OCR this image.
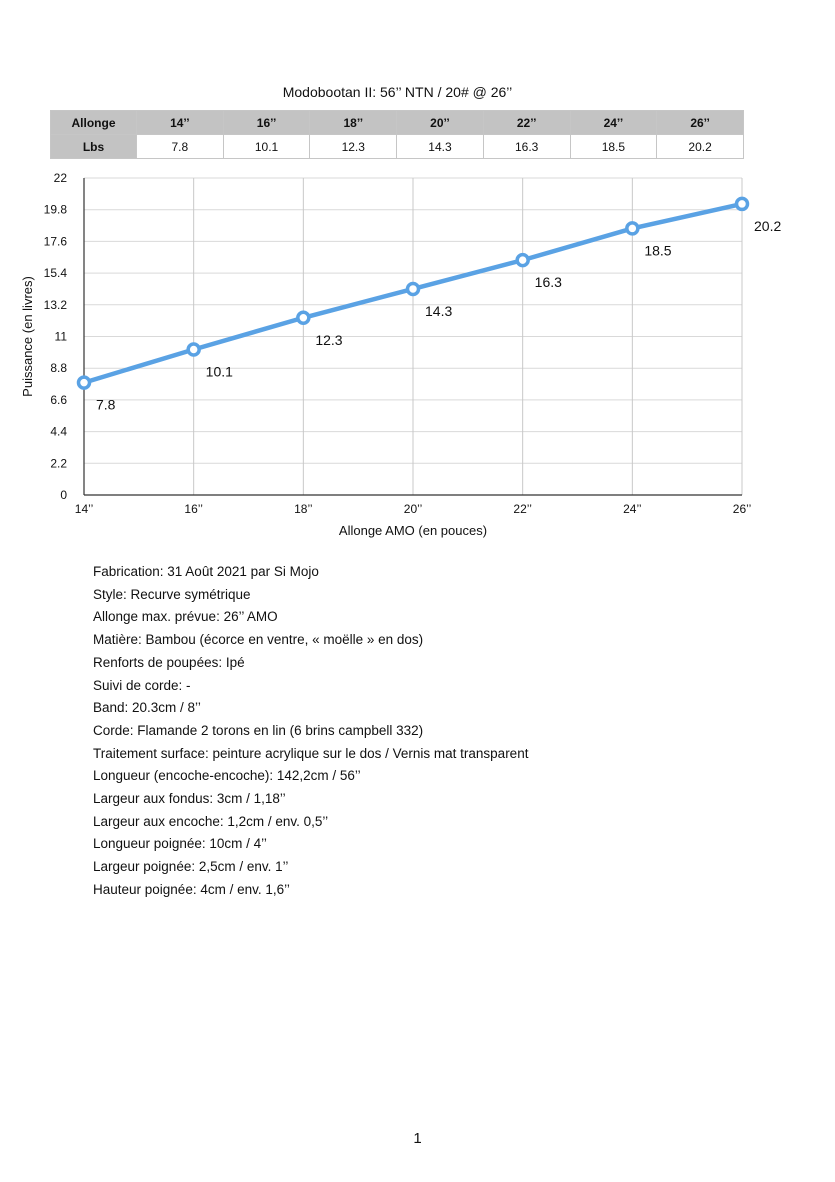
Modobootan II: 56’’ NTN / 20# @ 26’’
Allonge	14’’	16’’	18’’	20’’	22’’	24’’	26’’
Lbs	7.8	10.1	12.3	14.3	16.3	18.5	20.2
0
2.2
4.4
6.6
8.8
11
13.2
15.4
17.6
19.8
22
14’’	16’’	18’’	20’’	22’’	24’’	26’’
Allonge AMO (en pouces)
Puissance (en livres)
7.8
10.1
12.3
14.3
16.3
18.5
20.2
Fabrication: 31 Août 2021 par Si Mojo
Style: Recurve symétrique
Allonge max. prévue: 26’’ AMO
Matière: Bambou (écorce en ventre, « moëlle » en dos)
Renforts de poupées: Ipé
Suivi de corde: -
Band: 20.3cm / 8’’
Corde: Flamande 2 torons en lin (6 brins campbell 332)
Traitement surface: peinture acrylique sur le dos / Vernis mat transparent
Longueur (encoche-encoche): 142,2cm / 56’’
Largeur aux fondus: 3cm / 1,18’’
Largeur aux encoche: 1,2cm / env. 0,5’’
Longueur poignée: 10cm / 4’’
Largeur poignée: 2,5cm / env. 1’’
Hauteur poignée: 4cm / env. 1,6’’
1
